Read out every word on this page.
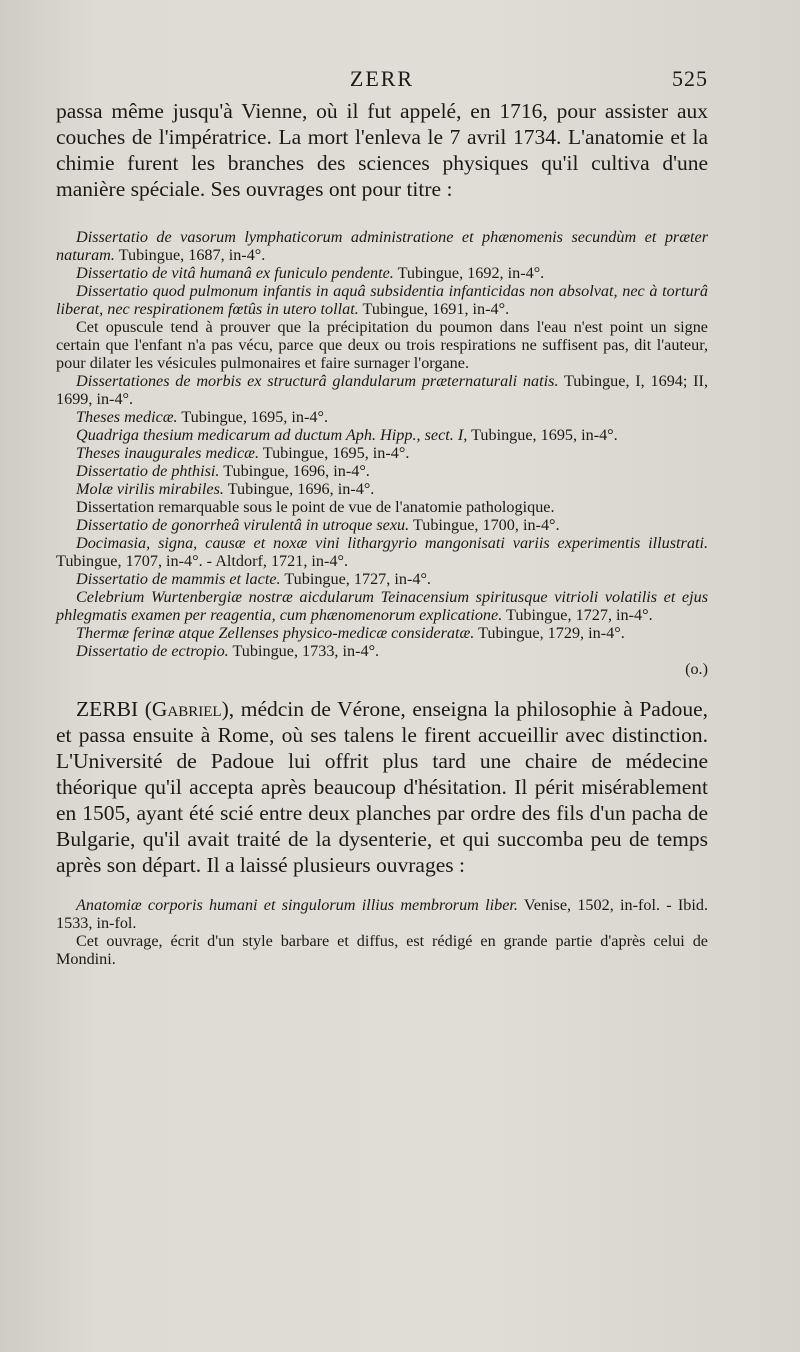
ZERR	525

passa même jusqu'à Vienne, où il fut appelé, en 1716, pour assister aux couches de l'impératrice. La mort l'enleva le 7 avril 1734. L'anatomie et la chimie furent les branches des sciences physiques qu'il cultiva d'une manière spéciale. Ses ouvrages ont pour titre :

Dissertatio de vasorum lymphaticorum administratione et phænomenis secundùm et præter naturam. Tubingue, 1687, in-4°.

Dissertatio de vitâ humanâ ex funiculo pendente. Tubingue, 1692, in-4°.

Dissertatio quod pulmonum infantis in aquâ subsidentia infanticidas non absolvat, nec à torturâ liberat, nec respirationem fœtûs in utero tollat. Tubingue, 1691, in-4°.

Cet opuscule tend à prouver que la précipitation du poumon dans l'eau n'est point un signe certain que l'enfant n'a pas vécu, parce que deux ou trois respirations ne suffisent pas, dit l'auteur, pour dilater les vésicules pulmonaires et faire surnager l'organe.

Dissertationes de morbis ex structurâ glandularum præternaturali natis. Tubingue, I, 1694; II, 1699, in-4°.

Theses medicæ. Tubingue, 1695, in-4°.

Quadriga thesium medicarum ad ductum Aph. Hipp., sect. I, Tubingue, 1695, in-4°.

Theses inaugurales medicæ. Tubingue, 1695, in-4°.

Dissertatio de phthisi. Tubingue, 1696, in-4°.

Molæ virilis mirabiles. Tubingue, 1696, in-4°.

Dissertation remarquable sous le point de vue de l'anatomie pathologique.

Dissertatio de gonorrheâ virulentâ in utroque sexu. Tubingue, 1700, in-4°.

Docimasia, signa, causæ et noxæ vini lithargyrio mangonisati variis experimentis illustrati. Tubingue, 1707, in-4°. - Altdorf, 1721, in-4°.

Dissertatio de mammis et lacte. Tubingue, 1727, in-4°.

Celebrium Wurtenbergiæ nostræ aicdularum Teinacensium spiritusque vitrioli volatilis et ejus phlegmatis examen per reagentia, cum phænomenorum explicatione. Tubingue, 1727, in-4°.

Thermæ ferinæ atque Zellenses physico-medicæ consideratæ. Tubingue, 1729, in-4°.

Dissertatio de ectropio. Tubingue, 1733, in-4°.

(o.)

ZERBI (Gabriel), médcin de Vérone, enseigna la philosophie à Padoue, et passa ensuite à Rome, où ses talens le firent accueillir avec distinction. L'Université de Padoue lui offrit plus tard une chaire de médecine théorique qu'il accepta après beaucoup d'hésitation. Il périt misérablement en 1505, ayant été scié entre deux planches par ordre des fils d'un pacha de Bulgarie, qu'il avait traité de la dysenterie, et qui succomba peu de temps après son départ. Il a laissé plusieurs ouvrages :

Anatomiæ corporis humani et singulorum illius membrorum liber. Venise, 1502, in-fol. - Ibid. 1533, in-fol.

Cet ouvrage, écrit d'un style barbare et diffus, est rédigé en grande partie d'après celui de Mondini.
